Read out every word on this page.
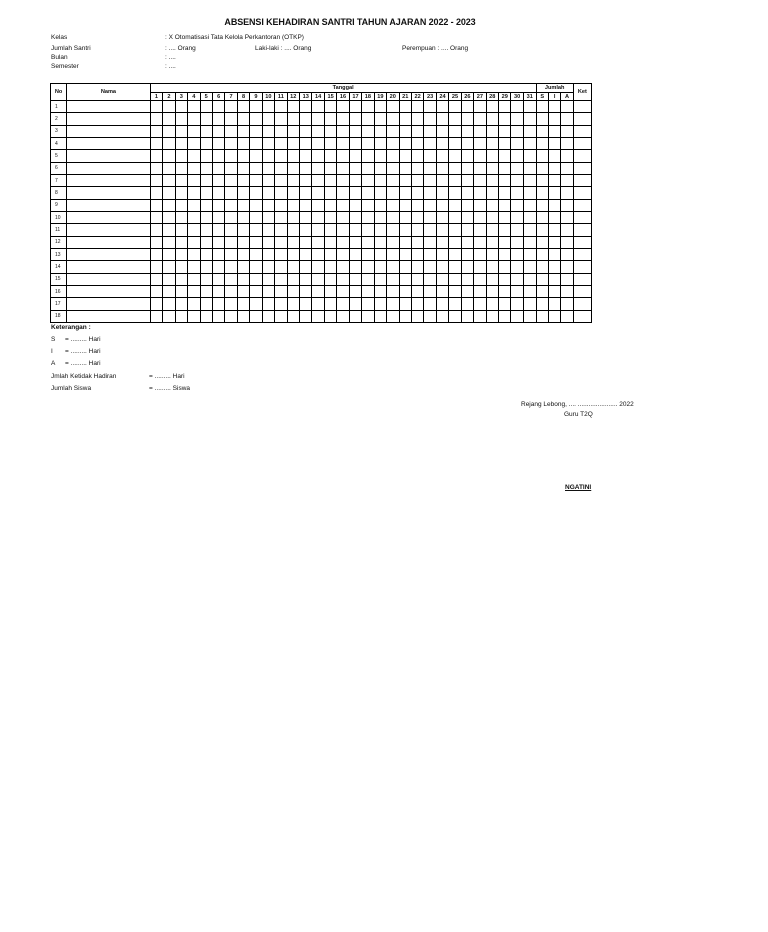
ABSENSI KEHADIRAN SANTRI TAHUN AJARAN 2022 - 2023
Kelas	: X Otomatisasi Tata Kelola Perkantoran (OTKP)
Jumlah Santri	: .... Orang	Laki-laki : .... Orang	Perempuan : .... Orang
Bulan	: ....
Semester	: ....
No	Nama	Tanggal																															Jumlah			Ket
		1	2	3	4	5	6	7	8	9	10	11	12	13	14	15	16	17	18	19	20	21	22	23	24	25	26	27	28	29	30	31	S	I	A	
1																																				
2																																				
3																																				
4																																				
5																																				
6																																				
7																																				
8																																				
9																																				
10																																				
11																																				
12																																				
13																																				
14																																				
15																																				
16																																				
17																																				
18																																				
Keterangan :
S = ......... Hari
I = ......... Hari
A = ......... Hari
Jmlah Ketidak Hadiran	= ......... Hari
Jumlah Siswa	= ......... Siswa
Rejang Lebong, .... ...................... 2022
Guru T2Q
NGATINI
